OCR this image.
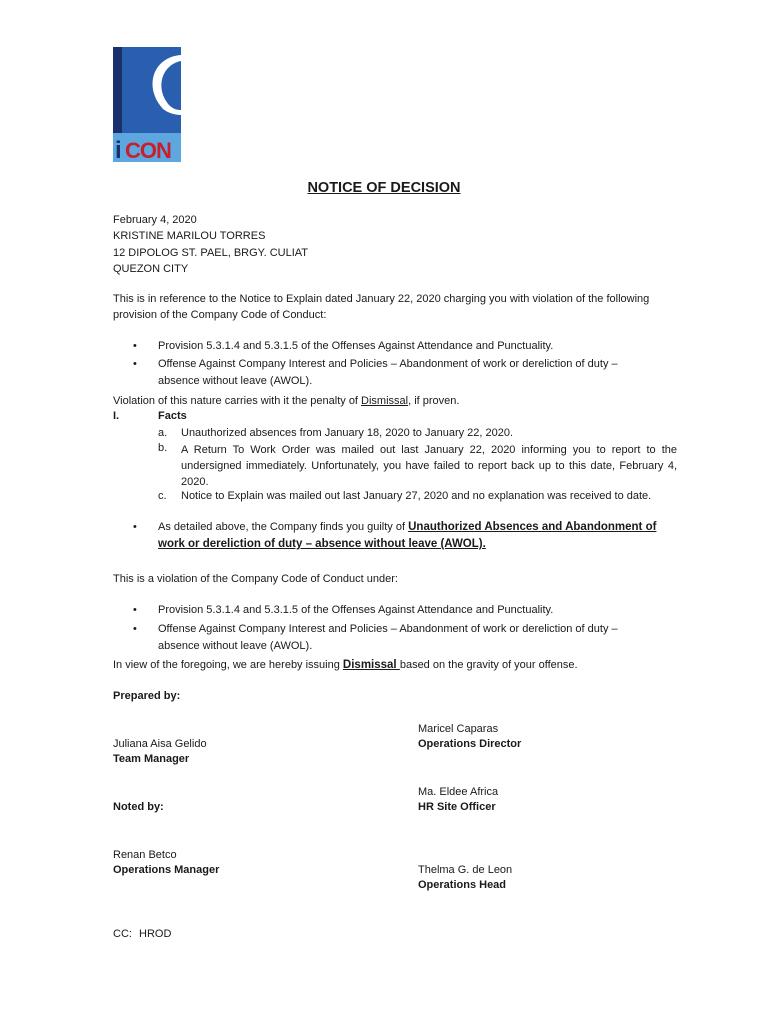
i CON
NOTICE OF DECISION
February 4, 2020
KRISTINE MARILOU TORRES
12 DIPOLOG ST. PAEL, BRGY. CULIAT
QUEZON CITY
This is in reference to the Notice to Explain dated January 22, 2020 charging you with violation of the following
provision of the Company Code of Conduct:
• Provision 5.3.1.4 and 5.3.1.5 of the Offenses Against Attendance and Punctuality.
• Offense Against Company Interest and Policies – Abandonment of work or dereliction of duty –
absence without leave (AWOL).
Violation of this nature carries with it the penalty of Dismissal, if proven.
I.	Facts
a. Unauthorized absences from January 18, 2020 to January 22, 2020.
b. A Return To Work Order was mailed out last January 22, 2020 informing you to report to the undersigned immediately. Unfortunately, you have failed to report back up to this date, February 4, 2020.
c. Notice to Explain was mailed out last January 27, 2020 and no explanation was received to date.
• As detailed above, the Company finds you guilty of Unauthorized Absences and Abandonment of
work or dereliction of duty – absence without leave (AWOL).
This is a violation of the Company Code of Conduct under:
• Provision 5.3.1.4 and 5.3.1.5 of the Offenses Against Attendance and Punctuality.
• Offense Against Company Interest and Policies – Abandonment of work or dereliction of duty –
absence without leave (AWOL).
In view of the foregoing, we are hereby issuing Dismissal based on the gravity of your offense.
Prepared by:
Juliana Aisa Gelido
Team Manager
Noted by:
Renan Betco
Operations Manager
Maricel Caparas
Operations Director
Ma. Eldee Africa
HR Site Officer
Thelma G. de Leon
Operations Head
CC: HROD
